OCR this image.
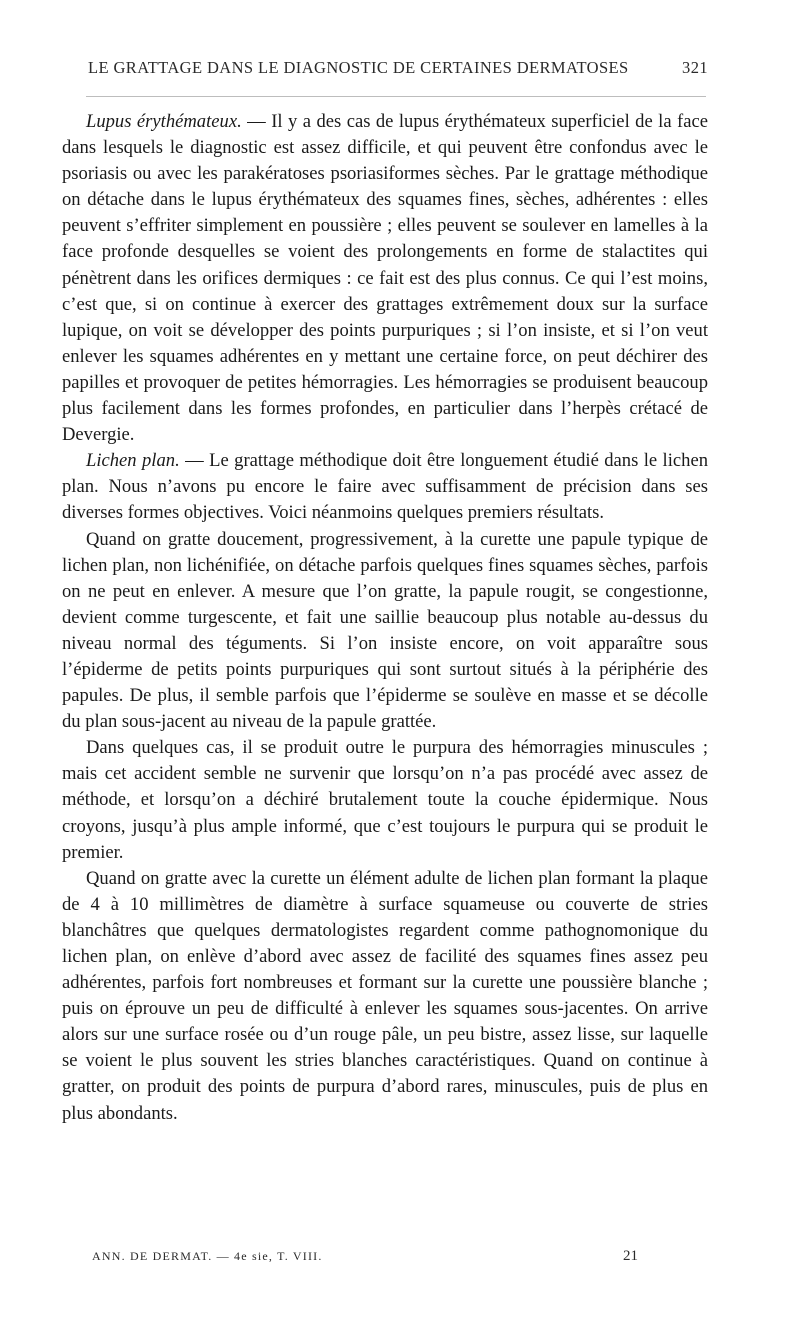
LE GRATTAGE DANS LE DIAGNOSTIC DE CERTAINES DERMATOSES	321

Lupus érythémateux. — Il y a des cas de lupus érythémateux superficiel de la face dans lesquels le diagnostic est assez difficile, et qui peuvent être confondus avec le psoriasis ou avec les parakératoses psoriasiformes sèches. Par le grattage méthodique on détache dans le lupus érythémateux des squames fines, sèches, adhérentes : elles peuvent s’effriter simplement en poussière ; elles peuvent se soulever en lamelles à la face profonde desquelles se voient des prolongements en forme de stalactites qui pénètrent dans les orifices dermiques : ce fait est des plus connus. Ce qui l’est moins, c’est que, si on continue à exercer des grattages extrêmement doux sur la surface lupique, on voit se développer des points purpuriques ; si l’on insiste, et si l’on veut enlever les squames adhérentes en y mettant une certaine force, on peut déchirer des papilles et provoquer de petites hémorragies. Les hémorragies se produisent beaucoup plus facilement dans les formes profondes, en particulier dans l’herpès crétacé de Devergie.

Lichen plan. — Le grattage méthodique doit être longuement étudié dans le lichen plan. Nous n’avons pu encore le faire avec suffisamment de précision dans ses diverses formes objectives. Voici néanmoins quelques premiers résultats.

Quand on gratte doucement, progressivement, à la curette une papule typique de lichen plan, non lichénifiée, on détache parfois quelques fines squames sèches, parfois on ne peut en enlever. A mesure que l’on gratte, la papule rougit, se congestionne, devient comme turgescente, et fait une saillie beaucoup plus notable au-dessus du niveau normal des téguments. Si l’on insiste encore, on voit apparaître sous l’épiderme de petits points purpuriques qui sont surtout situés à la périphérie des papules. De plus, il semble parfois que l’épiderme se soulève en masse et se décolle du plan sous-jacent au niveau de la papule grattée.

Dans quelques cas, il se produit outre le purpura des hémorragies minuscules ; mais cet accident semble ne survenir que lorsqu’on n’a pas procédé avec assez de méthode, et lorsqu’on a déchiré brutalement toute la couche épidermique. Nous croyons, jusqu’à plus ample informé, que c’est toujours le purpura qui se produit le premier.

Quand on gratte avec la curette un élément adulte de lichen plan formant la plaque de 4 à 10 millimètres de diamètre à surface squameuse ou couverte de stries blanchâtres que quelques dermatologistes regardent comme pathognomonique du lichen plan, on enlève d’abord avec assez de facilité des squames fines assez peu adhérentes, parfois fort nombreuses et formant sur la curette une poussière blanche ; puis on éprouve un peu de difficulté à enlever les squames sous-jacentes. On arrive alors sur une surface rosée ou d’un rouge pâle, un peu bistre, assez lisse, sur laquelle se voient le plus souvent les stries blanches caractéristiques. Quand on continue à gratter, on produit des points de purpura d’abord rares, minuscules, puis de plus en plus abondants.

ANN. DE DERMAT. — 4e sie, T. VIII.	21
